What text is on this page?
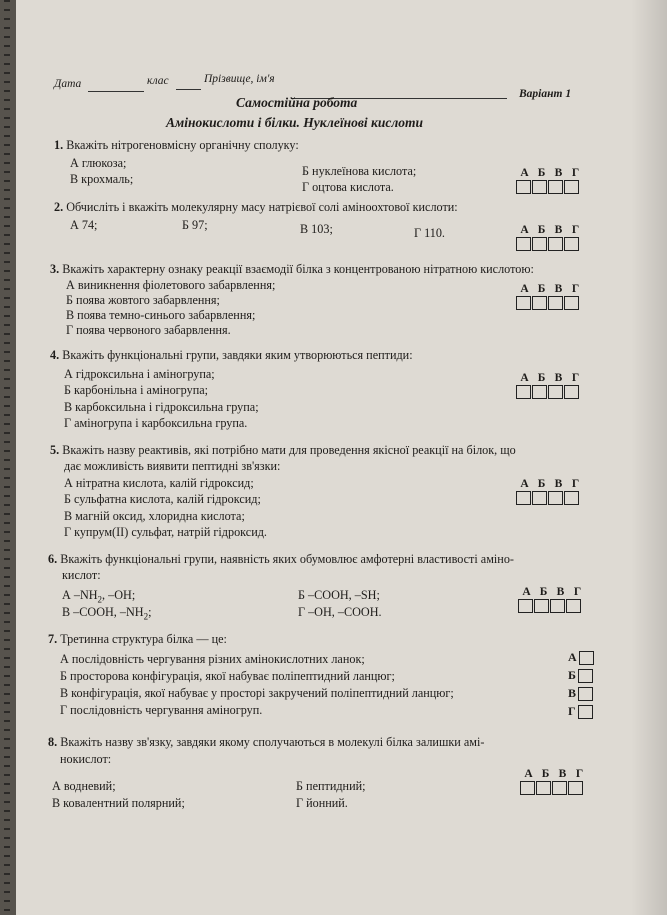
Дата	клас	Прізвище, ім'я
Варіант 1
Самостійна робота
Амінокислоти і білки. Нуклеїнові кислоти
1. Вкажіть нітрогеновмісну органічну сполуку:
А глюкоза;
В крохмаль;
Б нуклеїнова кислота;
Г оцтова кислота.
А Б В Г
2. Обчисліть і вкажіть молекулярну масу натрієвої солі аміноохтової кислоти:
А 74;	Б 97;	В 103;	Г 110.	А Б В Г
3. Вкажіть характерну ознаку реакції взаємодії білка з концентрованою нітратною кислотою:
А виникнення фіолетового забарвлення;
Б поява жовтого забарвлення;
В поява темно-синього забарвлення;
Г поява червоного забарвлення.
А Б В Г
4. Вкажіть функціональні групи, завдяки яким утворюються пептиди:
А гідроксильна і аміногрупа;
Б карбонільна і аміногрупа;
В карбоксильна і гідроксильна група;
Г аміногрупа і карбоксильна група.
А Б В Г
5. Вкажіть назву реактивів, які потрібно мати для проведення якісної реакції на білок, що
дає можливість виявити пептидні зв'язки:
А нітратна кислота, калій гідроксид;
Б сульфатна кислота, калій гідроксид;
В магній оксид, хлоридна кислота;
Г купрум(ІІ) сульфат, натрій гідроксид.
А Б В Г
6. Вкажіть функціональні групи, наявність яких обумовлює амфотерні властивості аміно-
кислот:
А $-NH_2$, –OH;
В –COOH, $-NH_2$;
Б –COOH, –SH;
Г –OH, –COOH.
А Б В Г
7. Третинна структура білка — це:
А послідовність чергування різних амінокислотних ланок;
Б просторова конфігурація, якої набуває поліпептидний ланцюг;
В конфігурація, якої набуває у просторі закручений поліпептидний ланцюг;
Г послідовність чергування аміногруп.
А
Б
В
Г
8. Вкажіть назву зв'язку, завдяки якому сполучаються в молекулі білка залишки амі-
нокислот:
А водневий;
В ковалентний полярний;
Б пептидний;
Г йонний.
А Б В Г
